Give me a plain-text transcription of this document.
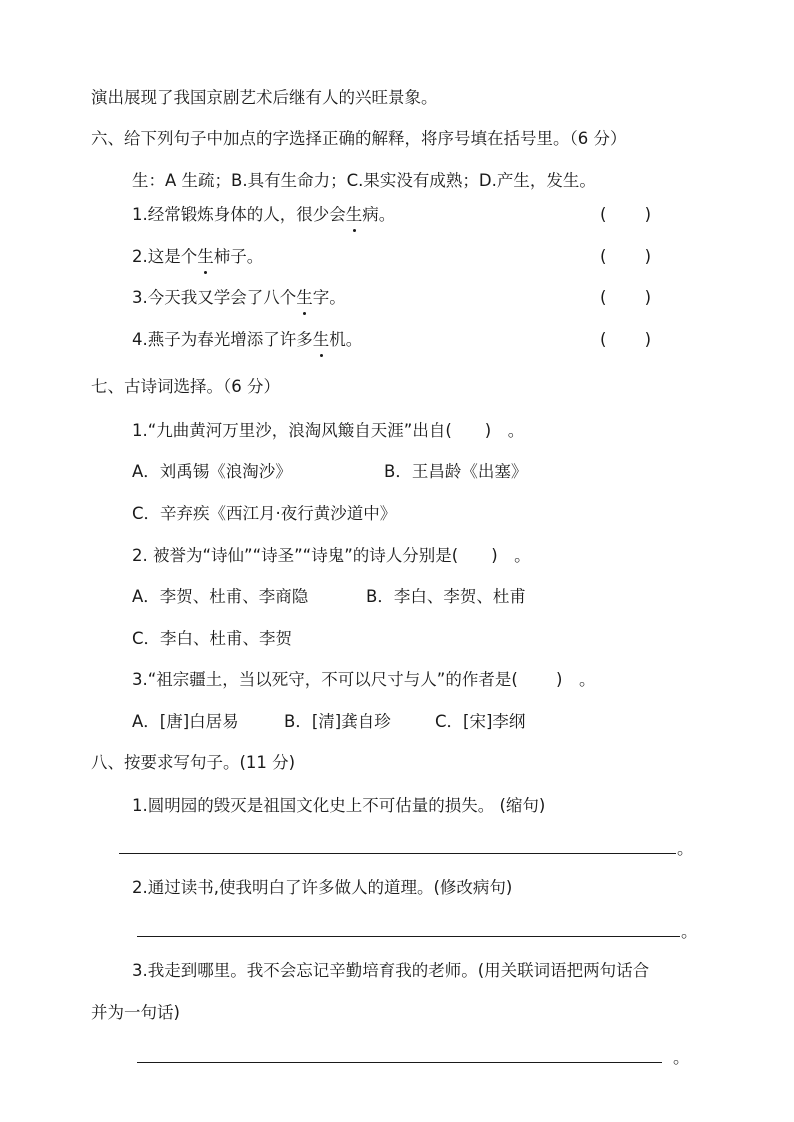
演出展现了我国京剧艺术后继有人的兴旺景象。
六、给下列句子中加点的字选择正确的解释，将序号填在括号里。（6 分）
生：A 生疏；B.具有生命力；C.果实没有成熟；D.产生，发生。
1.经常锻炼身体的人，很少会生病。	(　　 )
2.这是个生柿子。	(　　 )
3.今天我又学会了八个生字。	(　　 )
4.燕子为春光增添了许多生机。	(　　 )
七、古诗词选择。（6 分）
1.“九曲黄河万里沙，浪淘风簸自天涯”出自(　　)　。
A．刘禹锡《浪淘沙》	B．王昌龄《出塞》
C．辛弃疾《西江月·夜行黄沙道中》
2. 被誉为“诗仙”“诗圣”“诗鬼”的诗人分别是(　　)　。
A．李贺、杜甫、李商隐	B．李白、李贺、杜甫
C．李白、杜甫、李贺
3.“祖宗疆土，当以死守，不可以尺寸与人”的作者是(　　 )　。
A．[唐]白居易	B．[清]龚自珍	C．[宋]李纲
八、按要求写句子。(11 分)
1.圆明园的毁灭是祖国文化史上不可估量的损失。 (缩句)
。
2.通过读书,使我明白了许多做人的道理。(修改病句)
。
3.我走到哪里。我不会忘记辛勤培育我的老师。(用关联词语把两句话合
并为一句话)
。
